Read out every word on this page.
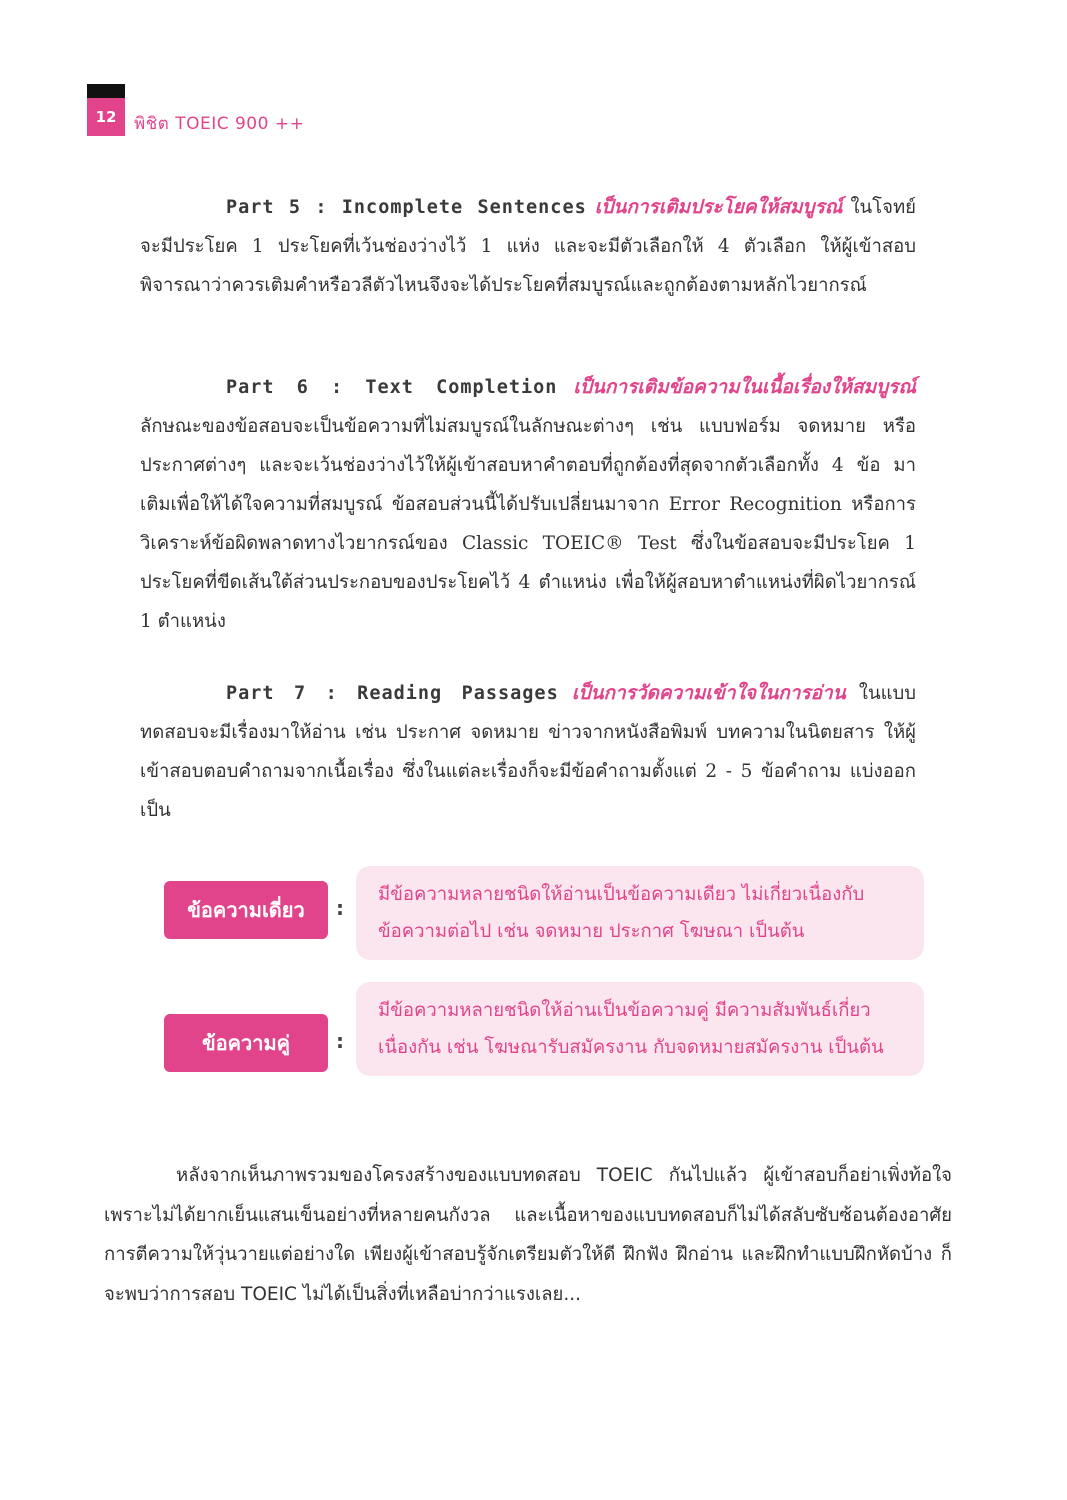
12	พิชิต TOEIC 900 ++

Part 5 : Incomplete Sentences เป็นการเติมประโยคให้สมบูรณ์ ในโจทย์จะมีประโยค 1 ประโยคที่เว้นช่องว่างไว้ 1 แห่ง และจะมีตัวเลือกให้ 4 ตัวเลือก ให้ผู้เข้าสอบพิจารณาว่าควรเติมคำหรือวลีตัวไหนจึงจะได้ประโยคที่สมบูรณ์และถูกต้องตามหลักไวยากรณ์

Part 6 : Text Completion เป็นการเติมข้อความในเนื้อเรื่องให้สมบูรณ์ ลักษณะของข้อสอบจะเป็นข้อความที่ไม่สมบูรณ์ในลักษณะต่างๆ เช่น แบบฟอร์ม จดหมาย หรือประกาศต่างๆ และจะเว้นช่องว่างไว้ให้ผู้เข้าสอบหาคำตอบที่ถูกต้องที่สุดจากตัวเลือกทั้ง 4 ข้อ มาเติมเพื่อให้ได้ใจความที่สมบูรณ์ ข้อสอบส่วนนี้ได้ปรับเปลี่ยนมาจาก Error Recognition หรือการวิเคราะห์ข้อผิดพลาดทางไวยากรณ์ของ Classic TOEIC® Test ซึ่งในข้อสอบจะมีประโยค 1 ประโยคที่ขีดเส้นใต้ส่วนประกอบของประโยคไว้ 4 ตำแหน่ง เพื่อให้ผู้สอบหาตำแหน่งที่ผิดไวยากรณ์ 1 ตำแหน่ง

Part 7 : Reading Passages เป็นการวัดความเข้าใจในการอ่าน ในแบบทดสอบจะมีเรื่องมาให้อ่าน เช่น ประกาศ จดหมาย ข่าวจากหนังสือพิมพ์ บทความในนิตยสาร ให้ผู้เข้าสอบตอบคำถามจากเนื้อเรื่อง ซึ่งในแต่ละเรื่องก็จะมีข้อคำถามตั้งแต่ 2 - 5 ข้อคำถาม แบ่งออกเป็น

ข้อความเดี่ยว	:
มีข้อความหลายชนิดให้อ่านเป็นข้อความเดียว ไม่เกี่ยวเนื่องกับข้อความต่อไป เช่น จดหมาย ประกาศ โฆษณา เป็นต้น
ข้อความคู่	:
มีข้อความหลายชนิดให้อ่านเป็นข้อความคู่ มีความสัมพันธ์เกี่ยวเนื่องกัน เช่น โฆษณารับสมัครงาน กับจดหมายสมัครงาน เป็นต้น

หลังจากเห็นภาพรวมของโครงสร้างของแบบทดสอบ TOEIC กันไปแล้ว ผู้เข้าสอบก็อย่าเพิ่งท้อใจ เพราะไม่ได้ยากเย็นแสนเข็นอย่างที่หลายคนกังวล และเนื้อหาของแบบทดสอบก็ไม่ได้สลับซับซ้อนต้องอาศัยการตีความให้วุ่นวายแต่อย่างใด เพียงผู้เข้าสอบรู้จักเตรียมตัวให้ดี ฝึกฟัง ฝึกอ่าน และฝึกทำแบบฝึกหัดบ้าง ก็จะพบว่าการสอบ TOEIC ไม่ได้เป็นสิ่งที่เหลือบ่ากว่าแรงเลย...
